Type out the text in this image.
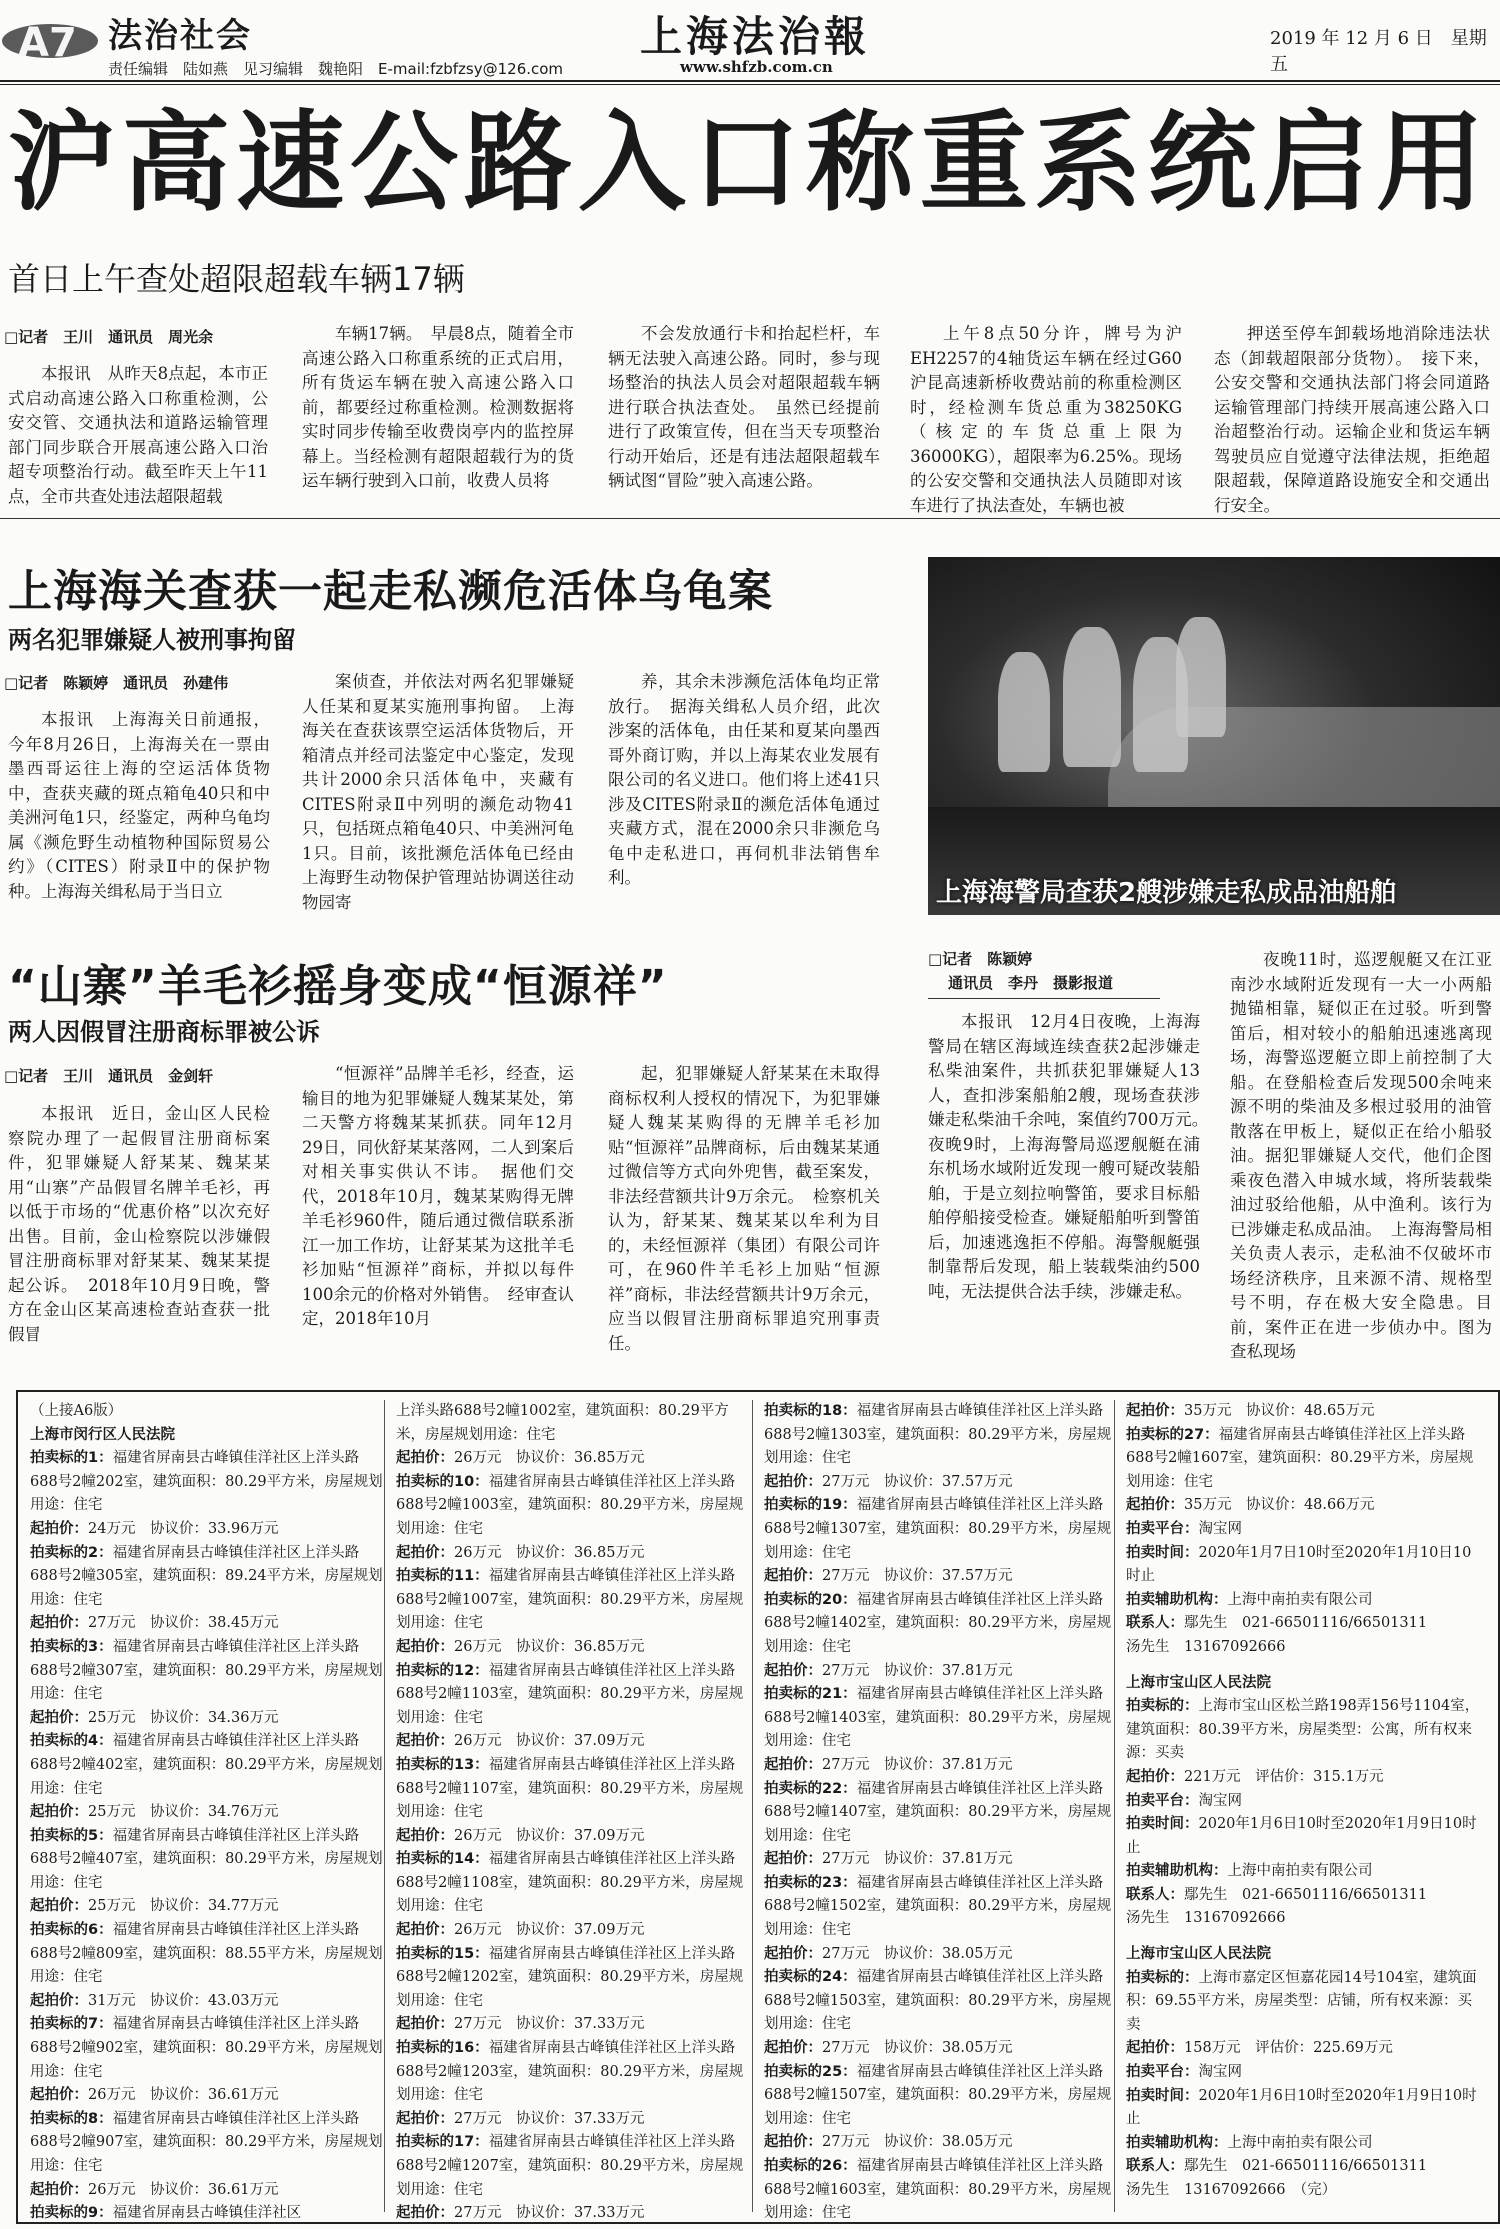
A7 法治社会
责任编辑　陆如燕　见习编辑　魏艳阳　E-mail:fzbfzsy@126.com
上海法治報
www.shfzb.com.cn
2019 年 12 月 6 日　星期五
沪高速公路入口称重系统启用
首日上午查处超限超载车辆17辆
□记者　王川　通讯员　周光余

本报讯　从昨天8点起，本市正式启动高速公路入口称重检测，公安交管、交通执法和道路运输管理部门同步联合开展高速公路入口治超专项整治行动。截至昨天上午11点，全市共查处违法超限超载

车辆17辆。　早晨8点，随着全市高速公路入口称重系统的正式启用，所有货运车辆在驶入高速公路入口前，都要经过称重检测。检测数据将实时同步传输至收费岗亭内的监控屏幕上。当经检测有超限超载行为的货运车辆行驶到入口前，收费人员将

不会发放通行卡和抬起栏杆，车辆无法驶入高速公路。同时，参与现场整治的执法人员会对超限超载车辆进行联合执法查处。　虽然已经提前进行了政策宣传，但在当天专项整治行动开始后，还是有违法超限超载车辆试图“冒险”驶入高速公路。

上午8点50分许，牌号为沪EH2257的4轴货运车辆在经过G60沪昆高速新桥收费站前的称重检测区时，经检测车货总重为38250KG（核定的车货总重上限为36000KG），超限率为6.25%。现场的公安交警和交通执法人员随即对该车进行了执法查处，车辆也被

押送至停车卸载场地消除违法状态（卸载超限部分货物）。　接下来，公安交警和交通执法部门将会同道路运输管理部门持续开展高速公路入口治超整治行动。运输企业和货运车辆驾驶员应自觉遵守法律法规，拒绝超限超载，保障道路设施安全和交通出行安全。

上海海关查获一起走私濒危活体乌龟案
两名犯罪嫌疑人被刑事拘留
□记者　陈颖婷　通讯员　孙建伟

本报讯　上海海关日前通报，今年8月26日，上海海关在一票由墨西哥运往上海的空运活体货物中，查获夹藏的斑点箱龟40只和中美洲河龟1只，经鉴定，两种乌龟均属《濒危野生动植物种国际贸易公约》（CITES）附录Ⅱ中的保护物种。上海海关缉私局于当日立

案侦查，并依法对两名犯罪嫌疑人任某和夏某实施刑事拘留。　上海海关在查获该票空运活体货物后，开箱清点并经司法鉴定中心鉴定，发现共计2000余只活体龟中，夹藏有CITES附录Ⅱ中列明的濒危动物41只，包括斑点箱龟40只、中美洲河龟1只。目前，该批濒危活体龟已经由上海野生动物保护管理站协调送往动物园寄

养，其余未涉濒危活体龟均正常放行。　据海关缉私人员介绍，此次涉案的活体龟，由任某和夏某向墨西哥外商订购，并以上海某农业发展有限公司的名义进口。他们将上述41只涉及CITES附录Ⅱ的濒危活体龟通过夹藏方式，混在2000余只非濒危乌龟中走私进口，再伺机非法销售牟利。

上海海警局查获2艘涉嫌走私成品油船舶
□记者　陈颖婷
通讯员　李丹　摄影报道

本报讯　12月4日夜晚，上海海警局在辖区海域连续查获2起涉嫌走私柴油案件，共抓获犯罪嫌疑人13人，查扣涉案船舶2艘，现场查获涉嫌走私柴油千余吨，案值约700万元。　夜晚9时，上海海警局巡逻舰艇在浦东机场水域附近发现一艘可疑改装船舶，于是立刻拉响警笛，要求目标船舶停船接受检查。嫌疑船舶听到警笛后，加速逃逸拒不停船。海警舰艇强制靠帮后发现，船上装载柴油约500吨，无法提供合法手续，涉嫌走私。

夜晚11时，巡逻舰艇又在江亚南沙水域附近发现有一大一小两船抛锚相靠，疑似正在过驳。听到警笛后，相对较小的船舶迅速逃离现场，海警巡逻艇立即上前控制了大船。在登船检查后发现500余吨来源不明的柴油及多根过驳用的油管散落在甲板上，疑似正在给小船驳油。据犯罪嫌疑人交代，他们企图乘夜色潜入申城水域，将所装载柴油过驳给他船，从中渔利。该行为已涉嫌走私成品油。　上海海警局相关负责人表示，走私油不仅破坏市场经济秩序，且来源不清、规格型号不明，存在极大安全隐患。目前，案件正在进一步侦办中。图为查私现场

“山寨”羊毛衫摇身变成“恒源祥”
两人因假冒注册商标罪被公诉
□记者　王川　通讯员　金剑轩

本报讯　近日，金山区人民检察院办理了一起假冒注册商标案件，犯罪嫌疑人舒某某、魏某某用“山寨”产品假冒名牌羊毛衫，再以低于市场的“优惠价格”以次充好出售。目前，金山检察院以涉嫌假冒注册商标罪对舒某某、魏某某提起公诉。　2018年10月9日晚，警方在金山区某高速检查站查获一批假冒

“恒源祥”品牌羊毛衫，经查，运输目的地为犯罪嫌疑人魏某某处，第二天警方将魏某某抓获。同年12月29日，同伙舒某某落网，二人到案后对相关事实供认不讳。　据他们交代，2018年10月，魏某某购得无牌羊毛衫960件，随后通过微信联系浙江一加工作坊，让舒某某为这批羊毛衫加贴“恒源祥”商标，并拟以每件100余元的价格对外销售。　经审查认定，2018年10月

起，犯罪嫌疑人舒某某在未取得商标权利人授权的情况下，为犯罪嫌疑人魏某某购得的无牌羊毛衫加贴“恒源祥”品牌商标，后由魏某某通过微信等方式向外兜售，截至案发，非法经营额共计9万余元。　检察机关认为，舒某某、魏某某以牟利为目的，未经恒源祥（集团）有限公司许可，在960件羊毛衫上加贴“恒源祥”商标，非法经营额共计9万余元，应当以假冒注册商标罪追究刑事责任。

（上接A6版）
上海市闵行区人民法院
拍卖标的1：福建省屏南县古峰镇佳洋社区上洋头路688号2幢202室，建筑面积：80.29平方米，房屋规划用途：住宅
起拍价：24万元　协议价：33.96万元
拍卖标的2：福建省屏南县古峰镇佳洋社区上洋头路688号2幢305室，建筑面积：89.24平方米，房屋规划用途：住宅
起拍价：27万元　协议价：38.45万元
拍卖标的3：福建省屏南县古峰镇佳洋社区上洋头路688号2幢307室，建筑面积：80.29平方米，房屋规划用途：住宅
起拍价：25万元　协议价：34.36万元
拍卖标的4：福建省屏南县古峰镇佳洋社区上洋头路688号2幢402室，建筑面积：80.29平方米，房屋规划用途：住宅
起拍价：25万元　协议价：34.76万元
拍卖标的5：福建省屏南县古峰镇佳洋社区上洋头路688号2幢407室，建筑面积：80.29平方米，房屋规划用途：住宅
起拍价：25万元　协议价：34.77万元
拍卖标的6：福建省屏南县古峰镇佳洋社区上洋头路688号2幢809室，建筑面积：88.55平方米，房屋规划用途：住宅
起拍价：31万元　协议价：43.03万元
拍卖标的7：福建省屏南县古峰镇佳洋社区上洋头路688号2幢902室，建筑面积：80.29平方米，房屋规划用途：住宅
起拍价：26万元　协议价：36.61万元
拍卖标的8：福建省屏南县古峰镇佳洋社区上洋头路688号2幢907室，建筑面积：80.29平方米，房屋规划用途：住宅
起拍价：26万元　协议价：36.61万元
拍卖标的9：福建省屏南县古峰镇佳洋社区
上洋头路688号2幢1002室，建筑面积：80.29平方米，房屋规划用途：住宅
起拍价：26万元　协议价：36.85万元
拍卖标的10：福建省屏南县古峰镇佳洋社区上洋头路688号2幢1003室，建筑面积：80.29平方米，房屋规划用途：住宅
起拍价：26万元　协议价：36.85万元
拍卖标的11：福建省屏南县古峰镇佳洋社区上洋头路688号2幢1007室，建筑面积：80.29平方米，房屋规划用途：住宅
起拍价：26万元　协议价：36.85万元
拍卖标的12：福建省屏南县古峰镇佳洋社区上洋头路688号2幢1103室，建筑面积：80.29平方米，房屋规划用途：住宅
起拍价：26万元　协议价：37.09万元
拍卖标的13：福建省屏南县古峰镇佳洋社区上洋头路688号2幢1107室，建筑面积：80.29平方米，房屋规划用途：住宅
起拍价：26万元　协议价：37.09万元
拍卖标的14：福建省屏南县古峰镇佳洋社区上洋头路688号2幢1108室，建筑面积：80.29平方米，房屋规划用途：住宅
起拍价：26万元　协议价：37.09万元
拍卖标的15：福建省屏南县古峰镇佳洋社区上洋头路688号2幢1202室，建筑面积：80.29平方米，房屋规划用途：住宅
起拍价：27万元　协议价：37.33万元
拍卖标的16：福建省屏南县古峰镇佳洋社区上洋头路688号2幢1203室，建筑面积：80.29平方米，房屋规划用途：住宅
起拍价：27万元　协议价：37.33万元
拍卖标的17：福建省屏南县古峰镇佳洋社区上洋头路688号2幢1207室，建筑面积：80.29平方米，房屋规划用途：住宅
起拍价：27万元　协议价：37.33万元
拍卖标的18：福建省屏南县古峰镇佳洋社区上洋头路688号2幢1303室，建筑面积：80.29平方米，房屋规划用途：住宅
起拍价：27万元　协议价：37.57万元
拍卖标的19：福建省屏南县古峰镇佳洋社区上洋头路688号2幢1307室，建筑面积：80.29平方米，房屋规划用途：住宅
起拍价：27万元　协议价：37.57万元
拍卖标的20：福建省屏南县古峰镇佳洋社区上洋头路688号2幢1402室，建筑面积：80.29平方米，房屋规划用途：住宅
起拍价：27万元　协议价：37.81万元
拍卖标的21：福建省屏南县古峰镇佳洋社区上洋头路688号2幢1403室，建筑面积：80.29平方米，房屋规划用途：住宅
起拍价：27万元　协议价：37.81万元
拍卖标的22：福建省屏南县古峰镇佳洋社区上洋头路688号2幢1407室，建筑面积：80.29平方米，房屋规划用途：住宅
起拍价：27万元　协议价：37.81万元
拍卖标的23：福建省屏南县古峰镇佳洋社区上洋头路688号2幢1502室，建筑面积：80.29平方米，房屋规划用途：住宅
起拍价：27万元　协议价：38.05万元
拍卖标的24：福建省屏南县古峰镇佳洋社区上洋头路688号2幢1503室，建筑面积：80.29平方米，房屋规划用途：住宅
起拍价：27万元　协议价：38.05万元
拍卖标的25：福建省屏南县古峰镇佳洋社区上洋头路688号2幢1507室，建筑面积：80.29平方米，房屋规划用途：住宅
起拍价：27万元　协议价：38.05万元
拍卖标的26：福建省屏南县古峰镇佳洋社区上洋头路688号2幢1603室，建筑面积：80.29平方米，房屋规划用途：住宅
起拍价：35万元　协议价：48.65万元
拍卖标的27：福建省屏南县古峰镇佳洋社区上洋头路688号2幢1607室，建筑面积：80.29平方米，房屋规划用途：住宅
起拍价：35万元　协议价：48.66万元
拍卖平台：淘宝网
拍卖时间：2020年1月7日10时至2020年1月10日10时止
拍卖辅助机构：上海中南拍卖有限公司
联系人：鄢先生　021-66501116/66501311
汤先生　13167092666
上海市宝山区人民法院
拍卖标的：上海市宝山区松兰路198弄156号1104室，建筑面积：80.39平方米，房屋类型：公寓，所有权来源：买卖
起拍价：221万元　评估价：315.1万元
拍卖平台：淘宝网
拍卖时间：2020年1月6日10时至2020年1月9日10时止
拍卖辅助机构：上海中南拍卖有限公司
联系人：鄢先生　021-66501116/66501311
汤先生　13167092666
上海市宝山区人民法院
拍卖标的：上海市嘉定区恒嘉花园14号104室，建筑面积：69.55平方米，房屋类型：店铺，所有权来源：买卖
起拍价：158万元　评估价：225.69万元
拍卖平台：淘宝网
拍卖时间：2020年1月6日10时至2020年1月9日10时止
拍卖辅助机构：上海中南拍卖有限公司
联系人：鄢先生　021-66501116/66501311
汤先生　13167092666　（完）
